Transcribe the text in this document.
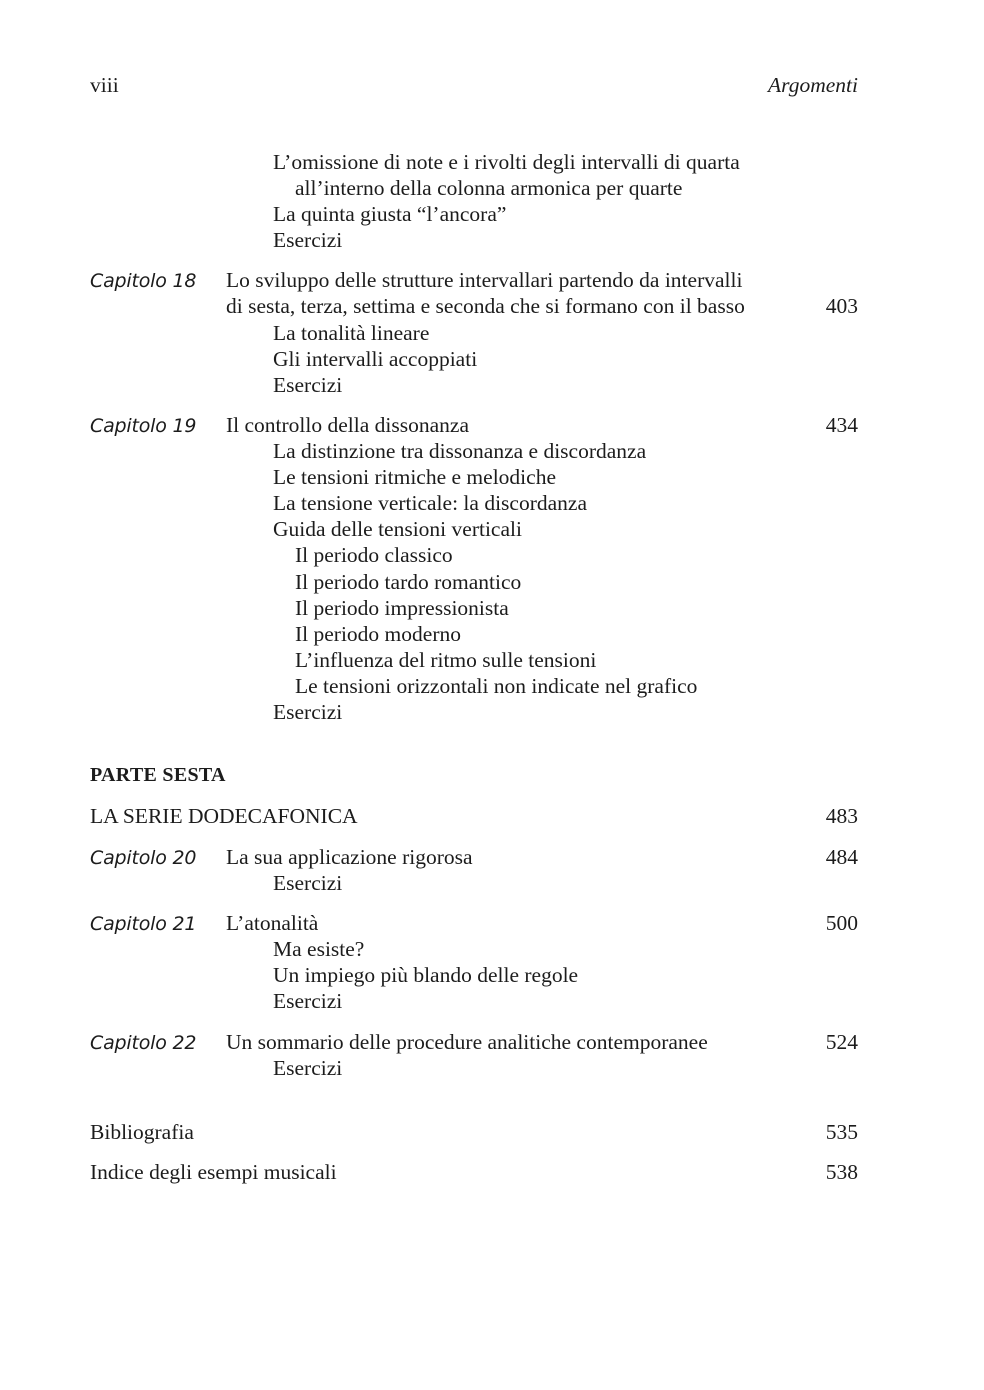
viii	Argomenti
L’omissione di note e i rivolti degli intervalli di quarta
all’interno della colonna armonica per quarte
La quinta giusta “l’ancora”
Esercizi
Capitolo 18 Lo sviluppo delle strutture intervallari partendo da intervalli
di sesta, terza, settima e seconda che si formano con il basso	403
La tonalità lineare
Gli intervalli accoppiati
Esercizi
Capitolo 19 Il controllo della dissonanza	434
La distinzione tra dissonanza e discordanza
Le tensioni ritmiche e melodiche
La tensione verticale: la discordanza
Guida delle tensioni verticali
Il periodo classico
Il periodo tardo romantico
Il periodo impressionista
Il periodo moderno
L’influenza del ritmo sulle tensioni
Le tensioni orizzontali non indicate nel grafico
Esercizi
PARTE SESTA
LA SERIE DODECAFONICA	483
Capitolo 20 La sua applicazione rigorosa	484
Esercizi
Capitolo 21 L’atonalità	500
Ma esiste?
Un impiego più blando delle regole
Esercizi
Capitolo 22 Un sommario delle procedure analitiche contemporanee	524
Esercizi
Bibliografia	535
Indice degli esempi musicali	538
